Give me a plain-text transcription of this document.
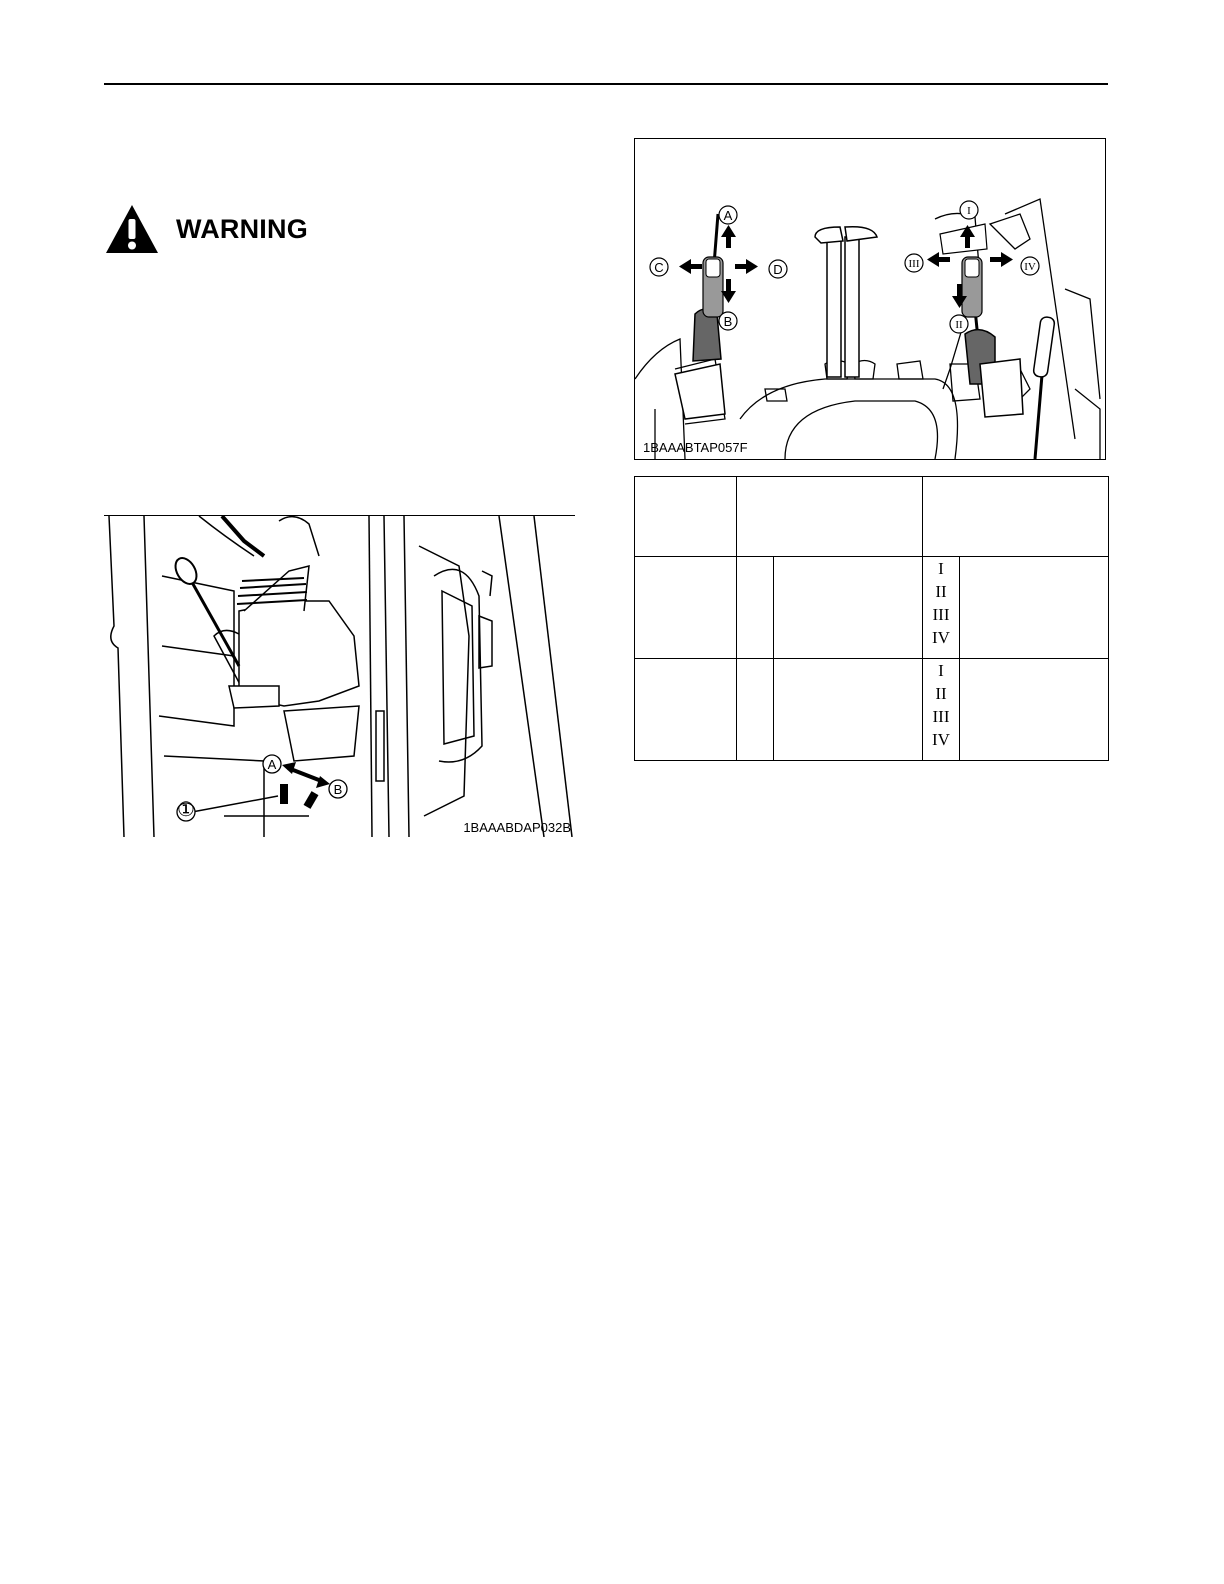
WARNING
A
B
①
1BAAABDAP032B
A
B
C	D
I
II
III	IV
1BAAABTAP057F

			I
II
III
IV	

			I
II
III
IV	
